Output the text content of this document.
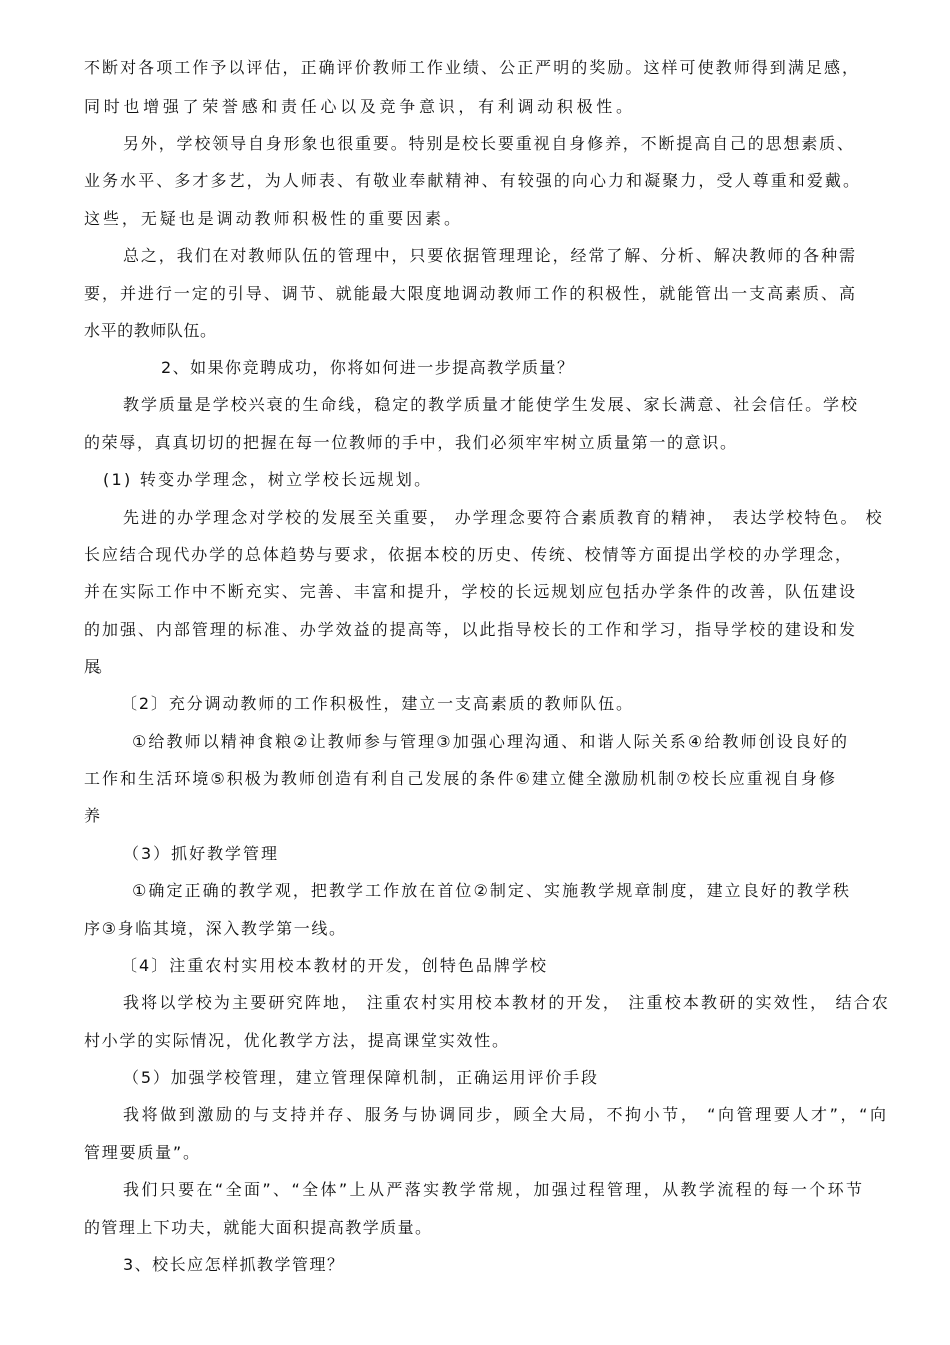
不断对各项工作予以评估，正确评价教师工作业绩、公正严明的奖励。这样可使教师得到满足感，
同时也增强了荣誉感和责任心以及竞争意识，有利调动积极性。
另外，学校领导自身形象也很重要。特别是校长要重视自身修养，不断提高自己的思想素质、
业务水平、多才多艺，为人师表、有敬业奉献精神、有较强的向心力和凝聚力，受人尊重和爱戴。
这些，无疑也是调动教师积极性的重要因素。
总之，我们在对教师队伍的管理中，只要依据管理理论，经常了解、分析、解决教师的各种需
要，并进行一定的引导、调节、就能最大限度地调动教师工作的积极性，就能管出一支高素质、高
水平的教师队伍。
2、如果你竞聘成功，你将如何进一步提高教学质量？
教学质量是学校兴衰的生命线，稳定的教学质量才能使学生发展、家长满意、社会信任。学校
的荣辱，真真切切的把握在每一位教师的手中，我们必须牢牢树立质量第一的意识。
(1) 转变办学理念，树立学校长远规划。
先进的办学理念对学校的发展至关重要， 办学理念要符合素质教育的精神， 表达学校特色。 校
长应结合现代办学的总体趋势与要求，依据本校的历史、传统、校情等方面提出学校的办学理念，
并在实际工作中不断充实、完善、丰富和提升，学校的长远规划应包括办学条件的改善，队伍建设
的加强、内部管理的标准、办学效益的提高等，以此指导校长的工作和学习，指导学校的建设和发
展。
〔2〕充分调动教师的工作积极性，建立一支高素质的教师队伍。
①给教师以精神食粮②让教师参与管理③加强心理沟通、和谐人际关系④给教师创设良好的
工作和生活环境⑤积极为教师创造有利自己发展的条件⑥建立健全激励机制⑦校长应重视自身修
养
（3）抓好教学管理
①确定正确的教学观，把教学工作放在首位②制定、实施教学规章制度，建立良好的教学秩
序③身临其境，深入教学第一线。
〔4〕注重农村实用校本教材的开发，创特色品牌学校
我将以学校为主要研究阵地， 注重农村实用校本教材的开发， 注重校本教研的实效性， 结合农
村小学的实际情况，优化教学方法，提高课堂实效性。
（5）加强学校管理，建立管理保障机制，正确运用评价手段
我将做到激励的与支持并存、服务与协调同步，顾全大局，不拘小节， “向管理要人才”，“向
管理要质量”。
我们只要在“全面”、“全体”上从严落实教学常规，加强过程管理，从教学流程的每一个环节
的管理上下功夫，就能大面积提高教学质量。
3、校长应怎样抓教学管理？
